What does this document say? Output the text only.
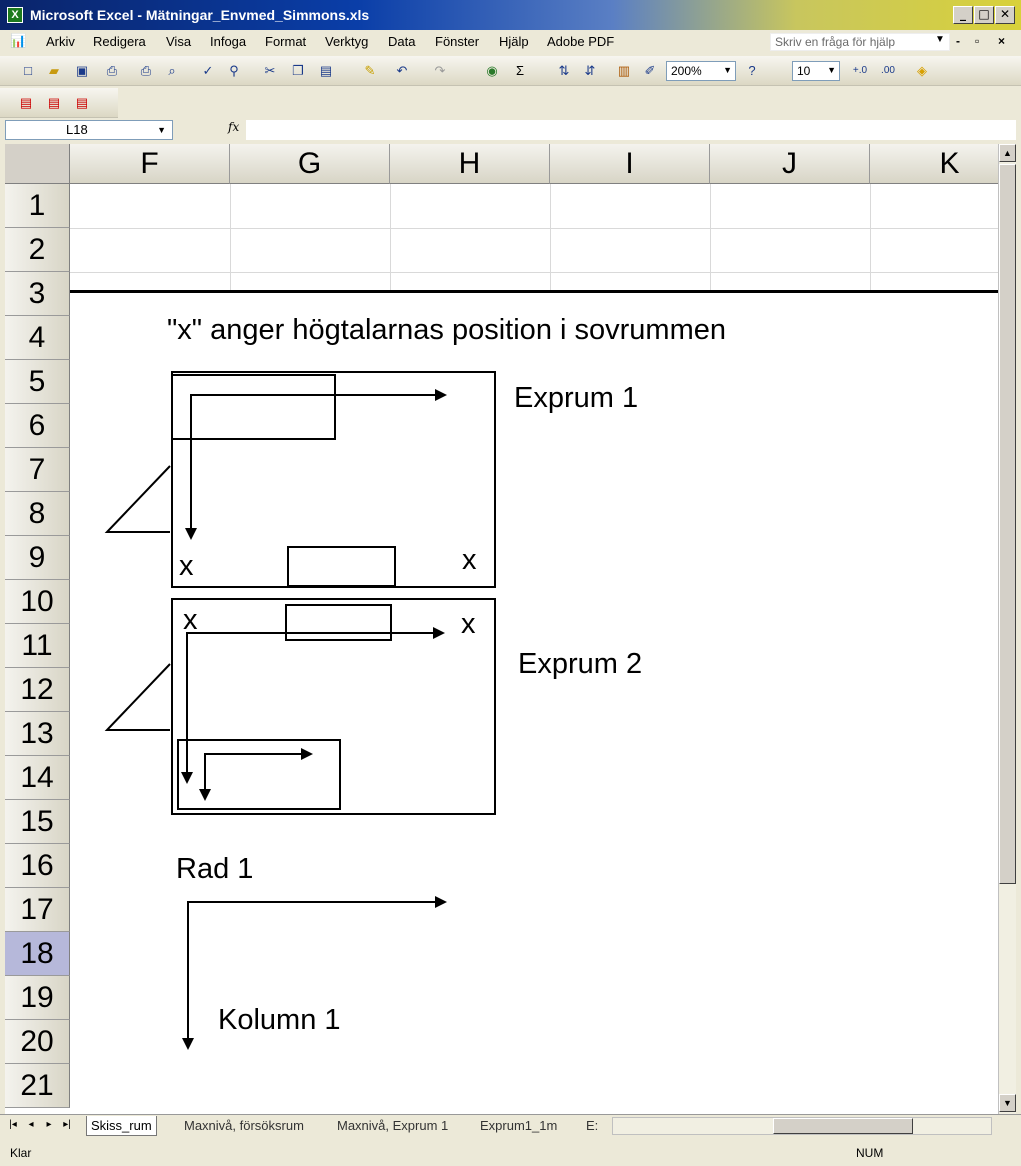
X Microsoft Excel - Mätningar_Envmed_Simmons.xls	_	□ ✕
📊	Arkiv Redigera Visa Infoga Format Verktyg Data Fönster Hjälp Adobe PDF	Skriv en fråga för hjälp	▼ - ▫ ×
□	▰	▣	⎙	⎙	⌕	✓	⚲	✂	❐	▤	✎	↶	↷	◉	Σ	⇅	⇵	▥	✐	200% ▼	?	10 ▼ +.0	.00	◈
▤ ▤ ▤
L18	▼	fx
F	G	H	I	J	K
1
2
3
4
5
6
7
8
9
10
11
12
13
14
15
16
17
18
19
20
21
"x" anger högtalarnas position i sovrummen
Exprum 1
Exprum 2
x	x
x	x
Rad 1
Kolumn 1
▲
▼
|◂	◂	▸	▸|	Skiss_rum	Maxnivå, försöksrum	Maxnivå, Exprum 1	Exprum1_1m	E:
Klar	NUM
